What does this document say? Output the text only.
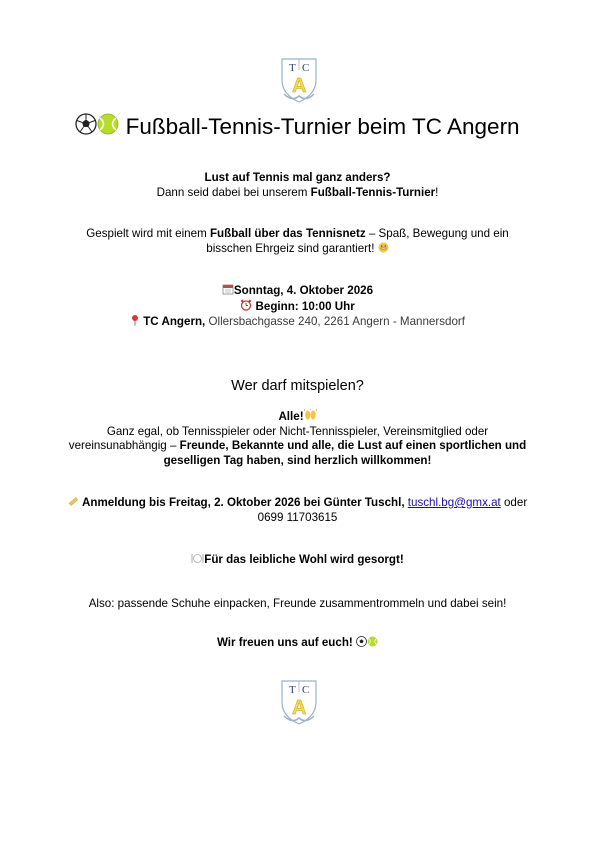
T C
A
Fußball-Tennis-Turnier beim TC Angern
Lust auf Tennis mal ganz anders?
Dann seid dabei bei unserem Fußball-Tennis-Turnier!
Gespielt wird mit einem Fußball über das Tennisnetz – Spaß, Bewegung und ein
bisschen Ehrgeiz sind garantiert!
Sonntag, 4. Oktober 2026
Beginn: 10:00 Uhr
TC Angern, Ollersbachgasse 240, 2261 Angern - Mannersdorf
Wer darf mitspielen?
Alle!
Ganz egal, ob Tennisspieler oder Nicht-Tennisspieler, Vereinsmitglied oder
vereinsunabhängig – Freunde, Bekannte und alle, die Lust auf einen sportlichen und
geselligen Tag haben, sind herzlich willkommen!
Anmeldung bis Freitag, 2. Oktober 2026 bei Günter Tuschl, tuschl.bg@gmx.at oder
0699 11703615
Für das leibliche Wohl wird gesorgt!
Also: passende Schuhe einpacken, Freunde zusammentrommeln und dabei sein!
Wir freuen uns auf euch!
T C
A
